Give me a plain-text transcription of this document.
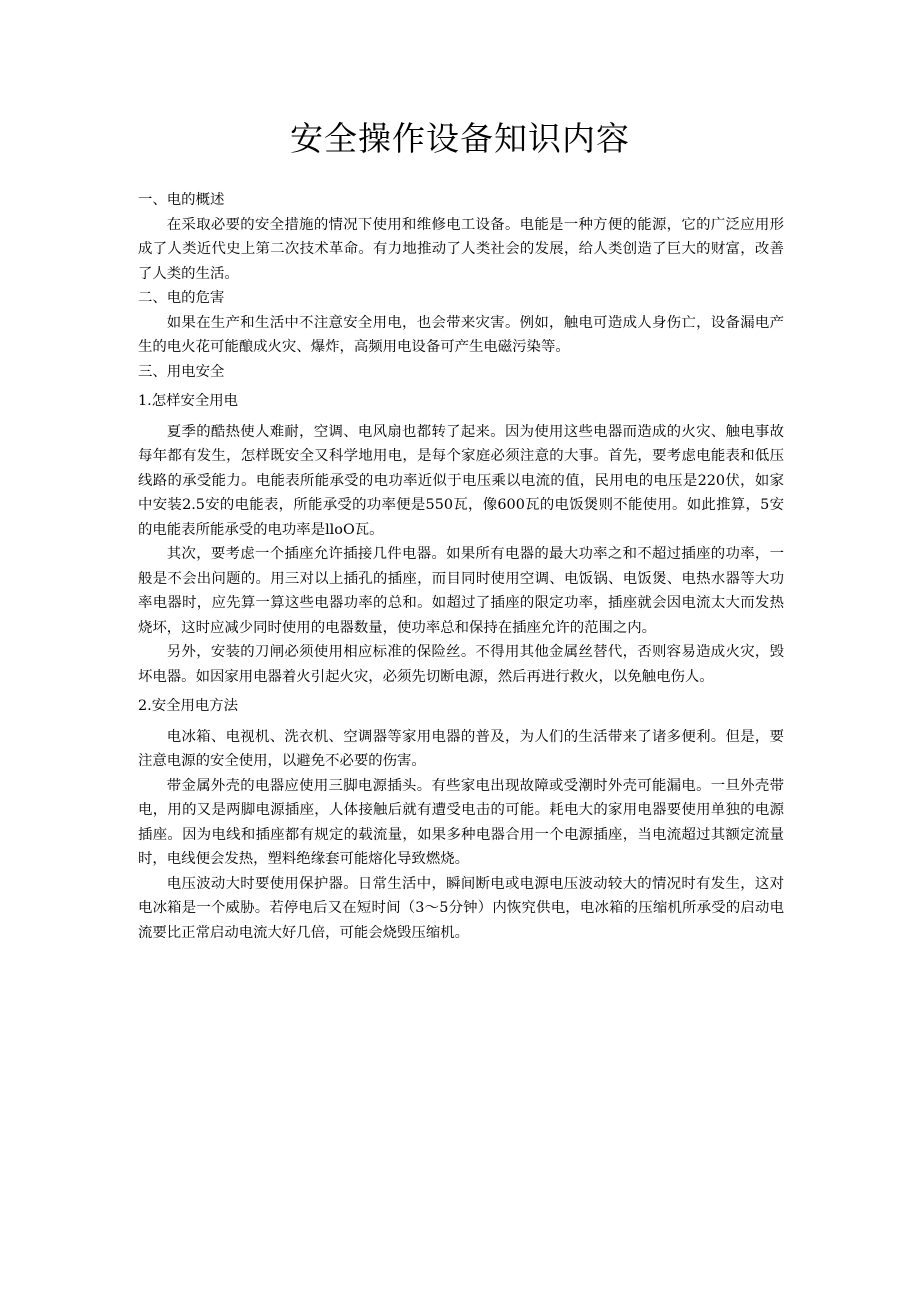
安全操作设备知识内容

一、电的概述

在采取必要的安全措施的情况下使用和维修电工设备。电能是一种方便的能源，它的广泛应用形成了人类近代史上第二次技术革命。有力地推动了人类社会的发展，给人类创造了巨大的财富，改善了人类的生活。

二、电的危害

如果在生产和生活中不注意安全用电，也会带来灾害。例如，触电可造成人身伤亡，设备漏电产生的电火花可能酿成火灾、爆炸，高频用电设备可产生电磁污染等。

三、用电安全

1.怎样安全用电

夏季的酷热使人难耐，空调、电风扇也都转了起来。因为使用这些电器而造成的火灾、触电事故每年都有发生，怎样既安全又科学地用电，是每个家庭必须注意的大事。首先，要考虑电能表和低压线路的承受能力。电能表所能承受的电功率近似于电压乘以电流的值，民用电的电压是220伏，如家中安装2.5安的电能表，所能承受的功率便是550瓦，像600瓦的电饭煲则不能使用。如此推算，5安的电能表所能承受的电功率是lloO瓦。

其次，要考虑一个插座允许插接几件电器。如果所有电器的最大功率之和不超过插座的功率，一般是不会出问题的。用三对以上插孔的插座，而目同时使用空调、电饭锅、电饭煲、电热水器等大功率电器时，应先算一算这些电器功率的总和。如超过了插座的限定功率，插座就会因电流太大而发热烧坏，这时应减少同时使用的电器数量，使功率总和保持在插座允许的范围之内。

另外，安装的刀闸必须使用相应标准的保险丝。不得用其他金属丝替代，否则容易造成火灾，毁坏电器。如因家用电器着火引起火灾，必须先切断电源，然后再进行救火，以免触电伤人。

2.安全用电方法

电冰箱、电视机、洗衣机、空调器等家用电器的普及，为人们的生活带来了诸多便利。但是，要注意电源的安全使用，以避免不必要的伤害。

带金属外壳的电器应使用三脚电源插头。有些家电出现故障或受潮时外壳可能漏电。一旦外壳带电，用的又是两脚电源插座，人体接触后就有遭受电击的可能。耗电大的家用电器要使用单独的电源插座。因为电线和插座都有规定的载流量，如果多种电器合用一个电源插座，当电流超过其额定流量时，电线便会发热，塑料绝缘套可能熔化导致燃烧。

电压波动大时要使用保护器。日常生活中，瞬间断电或电源电压波动较大的情况时有发生，这对电冰箱是一个威胁。若停电后又在短时间（3～5分钟）内恢究供电，电冰箱的压缩机所承受的启动电流要比正常启动电流大好几倍，可能会烧毁压缩机。
